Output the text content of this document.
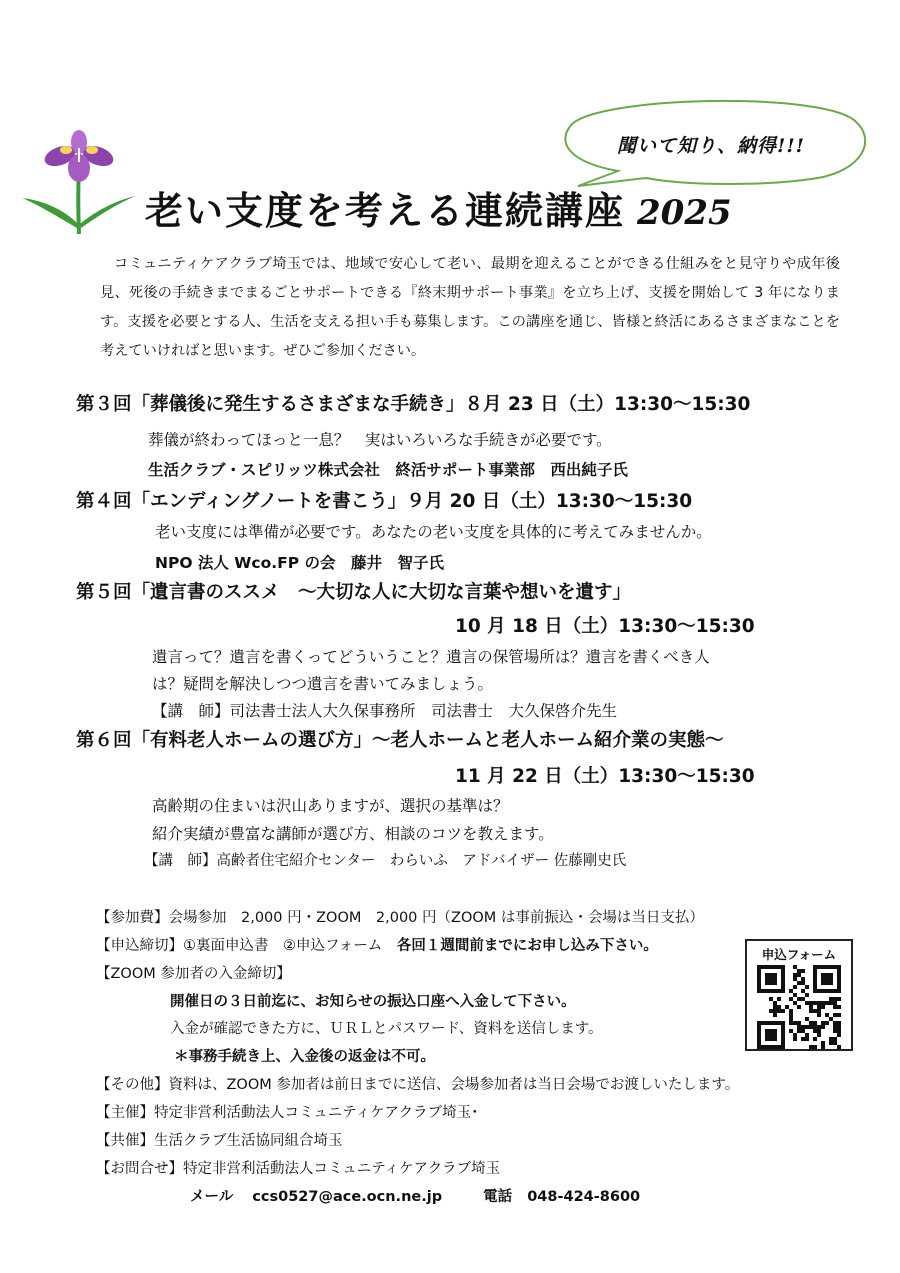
聞いて知り、納得!!!
老い支度を考える連続講座 2025
コミュニティケアクラブ埼玉では、地域で安心して老い、最期を迎えることができる仕組みをと見守りや成年後見、死後の手続きまでまるごとサポートできる『終末期サポート事業』を立ち上げ、支援を開始して 3 年になります。支援を必要とする人、生活を支える担い手も募集します。この講座を通じ、皆様と終活にあるさまざまなことを考えていければと思います。ぜひご参加ください。
第３回「葬儀後に発生するさまざまな手続き」８月 23 日（土）13:30～15:30
葬儀が終わってほっと一息？　実はいろいろな手続きが必要です。
生活クラブ・スピリッツ株式会社　終活サポート事業部　西出純子氏
第４回「エンディングノートを書こう」９月 20 日（土）13:30～15:30
老い支度には準備が必要です。あなたの老い支度を具体的に考えてみませんか。
NPO 法人 Wco.FP の会　藤井　智子氏
第５回「遺言書のススメ　～大切な人に大切な言葉や想いを遺す」
10 月 18 日（土）13:30～15:30
遺言って？遺言を書くってどういうこと？遺言の保管場所は？遺言を書くべき人
は？疑問を解決しつつ遺言を書いてみましょう。
【講　師】司法書士法人大久保事務所　司法書士　大久保啓介先生
第６回「有料老人ホームの選び方」～老人ホームと老人ホーム紹介業の実態～
11 月 22 日（土）13:30～15:30
高齢期の住まいは沢山ありますが、選択の基準は？
紹介実績が豊富な講師が選び方、相談のコツを教えます。
【講　師】高齢者住宅紹介センター　わらいふ　アドバイザー 佐藤剛史氏
【参加費】会場参加　2,000 円・ZOOM　2,000 円（ZOOM は事前振込・会場は当日支払）
【申込締切】①裏面申込書　②申込フォーム 各回１週間前までにお申し込み下さい。
【ZOOM 参加者の入金締切】
開催日の３日前迄に、お知らせの振込口座へ入金して下さい。
入金が確認できた方に、ＵＲＬとパスワード、資料を送信します。
＊事務手続き上、入金後の返金は不可。
【その他】資料は、ZOOM 参加者は前日までに送信、会場参加者は当日会場でお渡しいたします。
【主催】特定非営利活動法人コミュニティケアクラブ埼玉･
【共催】生活クラブ生活協同組合埼玉
【お問合せ】特定非営利活動法人コミュニティケアクラブ埼玉
メール ccs0527@ace.ocn.ne.jp	電話 048-424-8600
申込フォーム
